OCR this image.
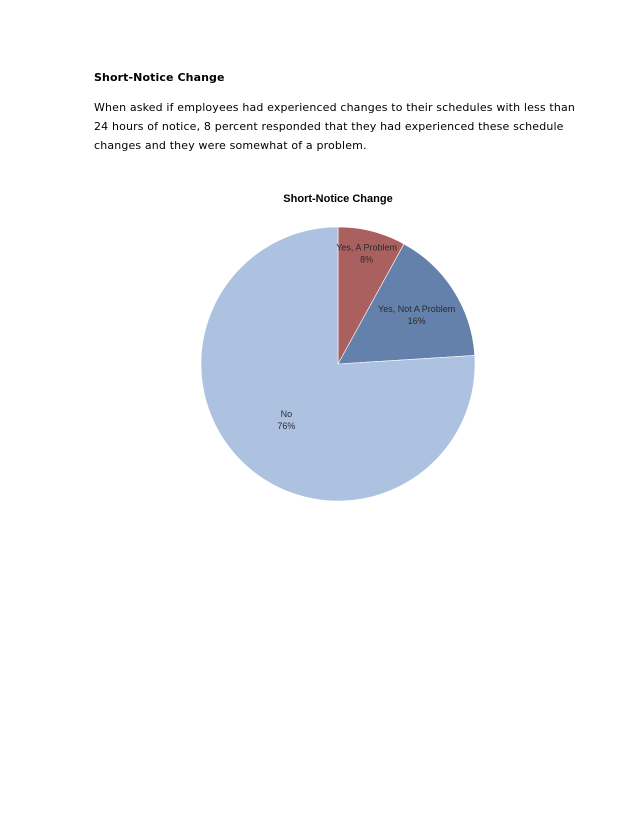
Short-Notice Change
When asked if employees had experienced changes to their schedules with less than 24 hours of notice, 8 percent responded that they had experienced these schedule changes and they were somewhat of a problem.
Short-Notice Change
Yes, A Problem 8%
Yes, Not A Problem 16%
No 76%
